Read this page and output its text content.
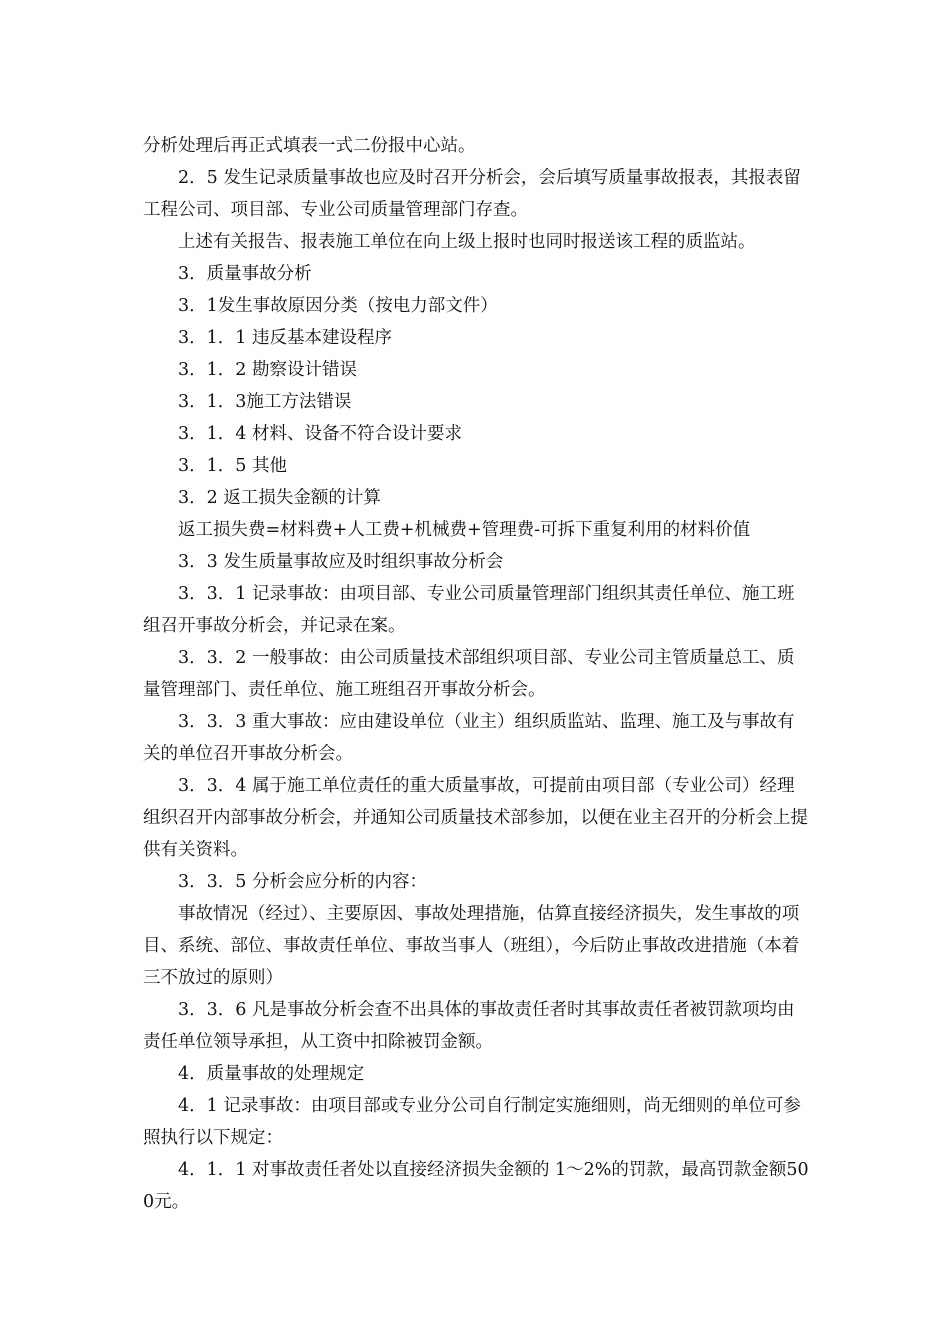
分析处理后再正式填表一式二份报中心站。

2．5 发生记录质量事故也应及时召开分析会，会后填写质量事故报表，其报表留工程公司、项目部、专业公司质量管理部门存查。

上述有关报告、报表施工单位在向上级上报时也同时报送该工程的质监站。

3．质量事故分析

3．1发生事故原因分类（按电力部文件）

3．1．1 违反基本建设程序

3．1．2 勘察设计错误

3．1．3施工方法错误

3．1．4 材料、设备不符合设计要求

3．1．5 其他

3．2 返工损失金额的计算

返工损失费=材料费+人工费+机械费+管理费-可拆下重复利用的材料价值

3．3 发生质量事故应及时组织事故分析会

3．3．1 记录事故：由项目部、专业公司质量管理部门组织其责任单位、施工班组召开事故分析会，并记录在案。

3．3．2 一般事故：由公司质量技术部组织项目部、专业公司主管质量总工、质量管理部门、责任单位、施工班组召开事故分析会。

3．3．3 重大事故：应由建设单位（业主）组织质监站、监理、施工及与事故有关的单位召开事故分析会。

3．3．4 属于施工单位责任的重大质量事故，可提前由项目部（专业公司）经理组织召开内部事故分析会，并通知公司质量技术部参加，以便在业主召开的分析会上提供有关资料。

3．3．5 分析会应分析的内容：

事故情况（经过）、主要原因、事故处理措施，估算直接经济损失，发生事故的项目、系统、部位、事故责任单位、事故当事人（班组），今后防止事故改进措施（本着三不放过的原则）

3．3．6 凡是事故分析会查不出具体的事故责任者时其事故责任者被罚款项均由责任单位领导承担，从工资中扣除被罚金额。

4．质量事故的处理规定

4．1 记录事故：由项目部或专业分公司自行制定实施细则，尚无细则的单位可参照执行以下规定：

4．1．1 对事故责任者处以直接经济损失金额的 1～2%的罚款，最高罚款金额500元。
